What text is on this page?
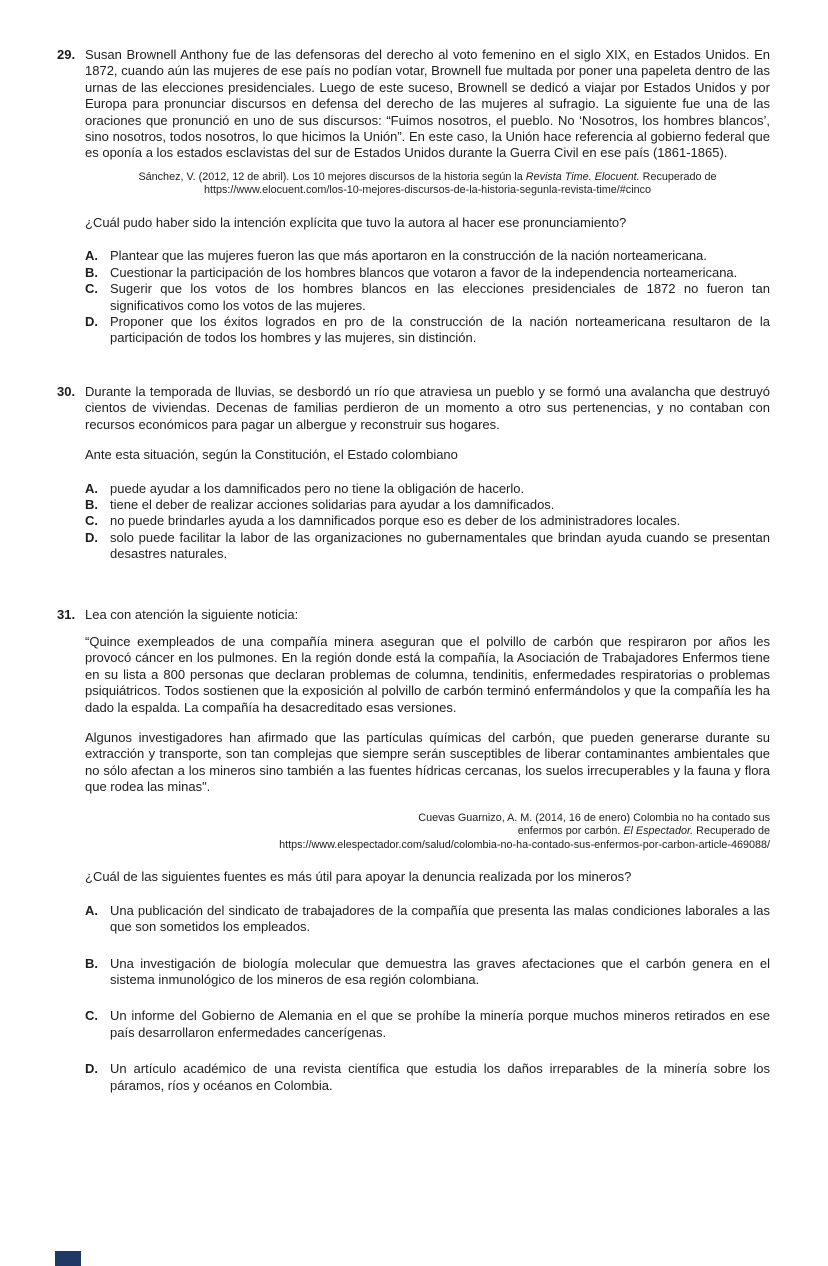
29. Susan Brownell Anthony fue de las defensoras del derecho al voto femenino en el siglo XIX, en Estados Unidos. En 1872, cuando aún las mujeres de ese país no podían votar, Brownell fue multada por poner una papeleta dentro de las urnas de las elecciones presidenciales. Luego de este suceso, Brownell se dedicó a viajar por Estados Unidos y por Europa para pronunciar discursos en defensa del derecho de las mujeres al sufragio. La siguiente fue una de las oraciones que pronunció en uno de sus discursos: “Fuimos nosotros, el pueblo. No ‘Nosotros, los hombres blancos’, sino nosotros, todos nosotros, lo que hicimos la Unión”. En este caso, la Unión hace referencia al gobierno federal que es oponía a los estados esclavistas del sur de Estados Unidos durante la Guerra Civil en ese país (1861-1865).
Sánchez, V. (2012, 12 de abril). Los 10 mejores discursos de la historia según la Revista Time. Elocuent. Recuperado de
https://www.elocuent.com/los-10-mejores-discursos-de-la-historia-segunla-revista-time/#cinco
¿Cuál pudo haber sido la intención explícita que tuvo la autora al hacer ese pronunciamiento?
A. Plantear que las mujeres fueron las que más aportaron en la construcción de la nación norteamericana.
B. Cuestionar la participación de los hombres blancos que votaron a favor de la independencia norteamericana.
C. Sugerir que los votos de los hombres blancos en las elecciones presidenciales de 1872 no fueron tan significativos como los votos de las mujeres.
D. Proponer que los éxitos logrados en pro de la construcción de la nación norteamericana resultaron de la participación de todos los hombres y las mujeres, sin distinción.
30. Durante la temporada de lluvias, se desbordó un río que atraviesa un pueblo y se formó una avalancha que destruyó cientos de viviendas. Decenas de familias perdieron de un momento a otro sus pertenencias, y no contaban con recursos económicos para pagar un albergue y reconstruir sus hogares.
Ante esta situación, según la Constitución, el Estado colombiano
A. puede ayudar a los damnificados pero no tiene la obligación de hacerlo.
B. tiene el deber de realizar acciones solidarias para ayudar a los damnificados.
C. no puede brindarles ayuda a los damnificados porque eso es deber de los administradores locales.
D. solo puede facilitar la labor de las organizaciones no gubernamentales que brindan ayuda cuando se presentan desastres naturales.
31. Lea con atención la siguiente noticia:
“Quince exempleados de una compañía minera aseguran que el polvillo de carbón que respiraron por años les provocó cáncer en los pulmones. En la región donde está la compañía, la Asociación de Trabajadores Enfermos tiene en su lista a 800 personas que declaran problemas de columna, tendinitis, enfermedades respiratorias o problemas psiquiátricos. Todos sostienen que la exposición al polvillo de carbón terminó enfermándolos y que la compañía les ha dado la espalda. La compañía ha desacreditado esas versiones.
Algunos investigadores han afirmado que las partículas químicas del carbón, que pueden generarse durante su extracción y transporte, son tan complejas que siempre serán susceptibles de liberar contaminantes ambientales que no sólo afectan a los mineros sino también a las fuentes hídricas cercanas, los suelos irrecuperables y la fauna y flora que rodea las minas".
Cuevas Guarnizo, A. M. (2014, 16 de enero) Colombia no ha contado sus
enfermos por carbón. El Espectador. Recuperado de
https://www.elespectador.com/salud/colombia-no-ha-contado-sus-enfermos-por-carbon-article-469088/
¿Cuál de las siguientes fuentes es más útil para apoyar la denuncia realizada por los mineros?
A. Una publicación del sindicato de trabajadores de la compañía que presenta las malas condiciones laborales a las que son sometidos los empleados.
B. Una investigación de biología molecular que demuestra las graves afectaciones que el carbón genera en el sistema inmunológico de los mineros de esa región colombiana.
C. Un informe del Gobierno de Alemania en el que se prohíbe la minería porque muchos mineros retirados en ese país desarrollaron enfermedades cancerígenas.
D. Un artículo académico de una revista científica que estudia los daños irreparables de la minería sobre los páramos, ríos y océanos en Colombia.
